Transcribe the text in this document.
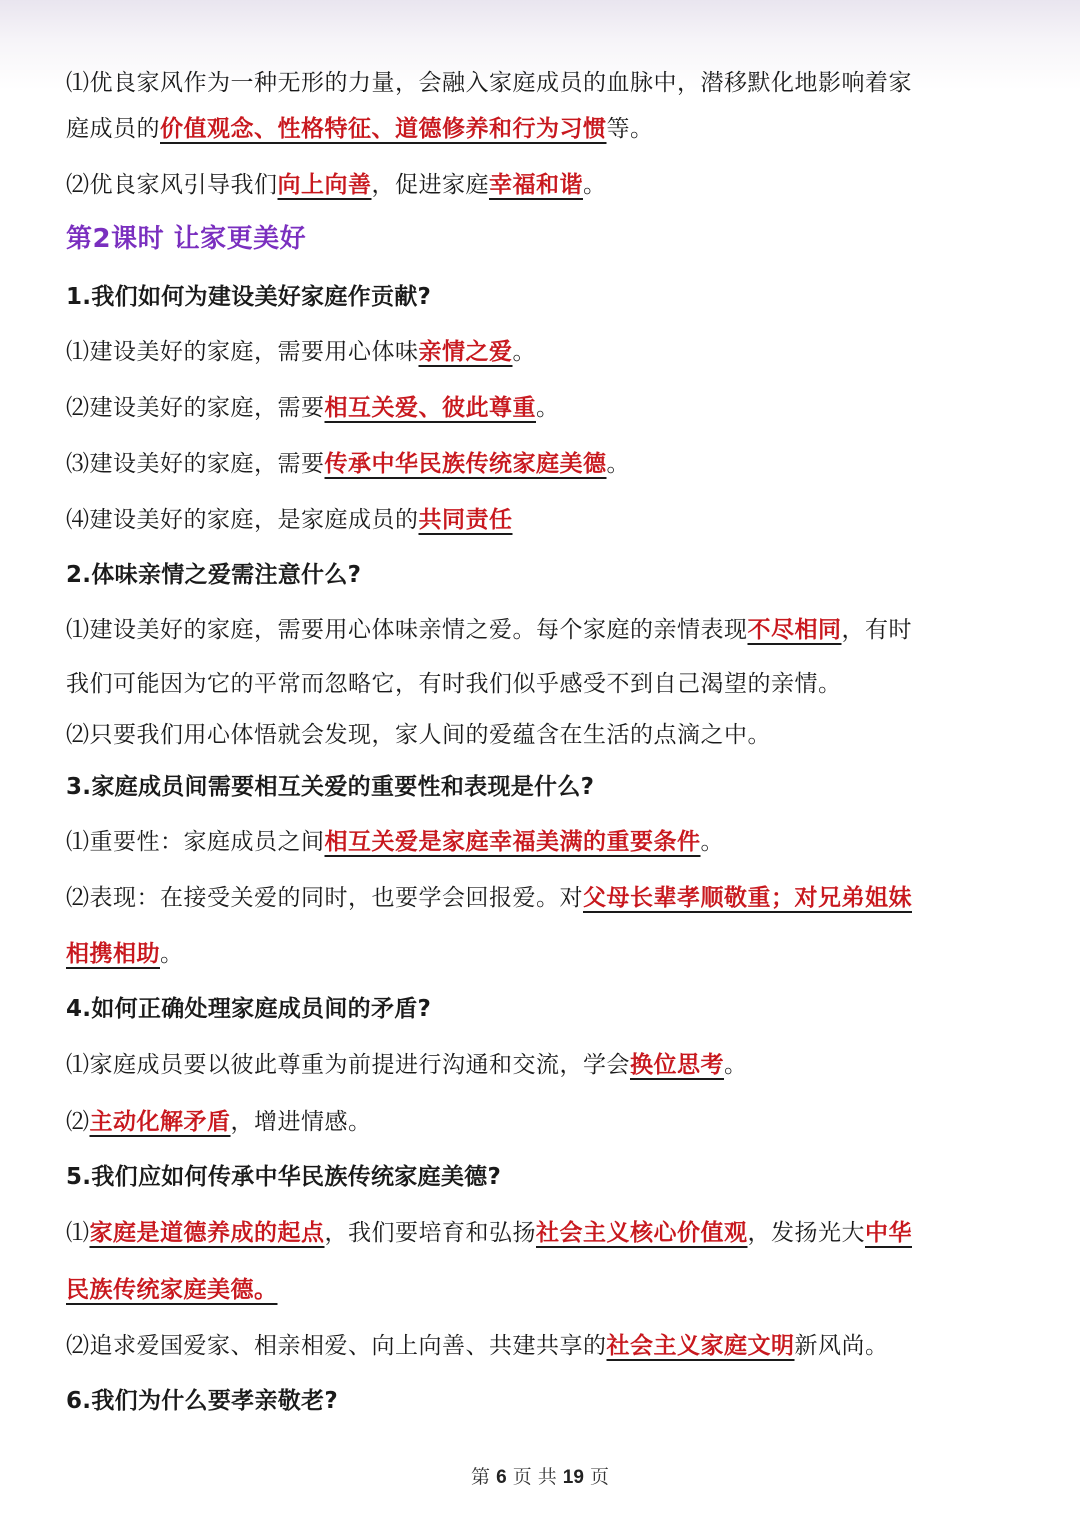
⑴优良家风作为一种无形的力量，会融入家庭成员的血脉中，潜移默化地影响着家

庭成员的价值观念、性格特征、道德修养和行为习惯等。

⑵优良家风引导我们向上向善，促进家庭幸福和谐。

第2课时 让家更美好
1.我们如何为建设美好家庭作贡献?

⑴建设美好的家庭，需要用心体味亲情之爱。

⑵建设美好的家庭，需要相互关爱、彼此尊重。

⑶建设美好的家庭，需要传承中华民族传统家庭美德。

⑷建设美好的家庭，是家庭成员的共同责任

2.体味亲情之爱需注意什么?

⑴建设美好的家庭，需要用心体味亲情之爱。每个家庭的亲情表现不尽相同，有时

我们可能因为它的平常而忽略它，有时我们似乎感受不到自己渴望的亲情。

⑵只要我们用心体悟就会发现，家人间的爱蕴含在生活的点滴之中。

3.家庭成员间需要相互关爱的重要性和表现是什么?

⑴重要性：家庭成员之间相互关爱是家庭幸福美满的重要条件。

⑵表现：在接受关爱的同时，也要学会回报爱。对父母长辈孝顺敬重；对兄弟姐妹

相携相助。

4.如何正确处理家庭成员间的矛盾?

⑴家庭成员要以彼此尊重为前提进行沟通和交流，学会换位思考。

⑵主动化解矛盾，增进情感。

5.我们应如何传承中华民族传统家庭美德?

⑴家庭是道德养成的起点，我们要培育和弘扬社会主义核心价值观，发扬光大中华

民族传统家庭美德。

⑵追求爱国爱家、相亲相爱、向上向善、共建共享的社会主义家庭文明新风尚。

6.我们为什么要孝亲敬老?
第 6 页 共 19 页
